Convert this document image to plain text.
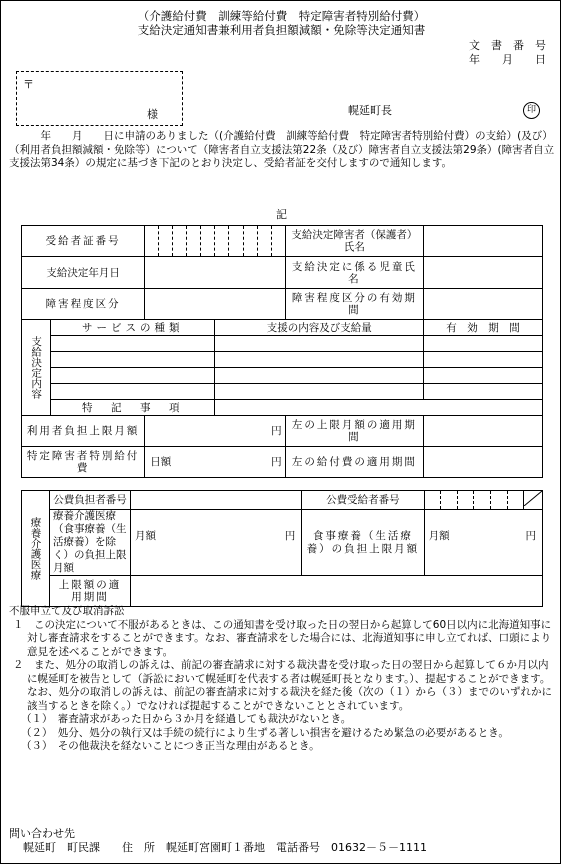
（介護給付費　訓練等給付費　特定障害者特別給付費）
支給決定通知書兼利用者負担額減額・免除等決定通知書
文　書　番　号
年　　月　　日
〒
様	幌延町長	印
　　　年　　月　　日に申請のありました（(介護給付費　訓練等給付費　特定障害者特別給付費）の支給）(及び）（利用者負担額減額・免除等）について（障害者自立支援法第22条（及び）障害者自立支援法第29条）(障害者自立支援法第34条）の規定に基づき下記のとおり決定し、受給者証を交付しますので通知します。
記
受給者証番号												支給決定障害者（保護者）氏名	
支給決定年月日												支給決定に係る児童氏名	
障害程度区分												障害程度区分の有効期間	

支給決定内容	サービスの種類						支援の内容及び支給量						有　効　期　間

	特　記　事　項												
利用者負担上限月額		円										左の上限月額の適用期間	
特定障害者特別給付費		日額 円										左の給付費の適用期間	
療養介護医療	公費負担者番号		公費受給者番号							
	療養介護医療（食事療養（生活療養）を除く）の負担上限月額	月額 円	食事療養（生活療養）の負担上限月額	月額 円						

	上限額の適用期間									
不服申立て及び取消訴訟
１　この決定について不服があるときは、この通知書を受け取った日の翌日から起算して60日以内に北海道知事に対し審査請求をすることができます。なお、審査請求をした場合には、北海道知事に申し立てれば、口頭により意見を述べることができます。
２　また、処分の取消しの訴えは、前記の審査請求に対する裁決書を受け取った日の翌日から起算して６か月以内に幌延町を被告として（訴訟において幌延町を代表する者は幌延町長となります。）、提起することができます。なお、処分の取消しの訴えは、前記の審査請求に対する裁決を経た後（次の（１）から（３）までのいずれかに該当するときを除く。）でなければ提起することができないこととされています。
（１）　審査請求があった日から３か月を経過しても裁決がないとき。
（２）　処分、処分の執行又は手続の続行により生ずる著しい損害を避けるため緊急の必要があるとき。
（３）　その他裁決を経ないことにつき正当な理由があるとき。
問い合わせ先
幌延町　町民課　　住　所　幌延町宮園町１番地　電話番号　01632－５－1111
